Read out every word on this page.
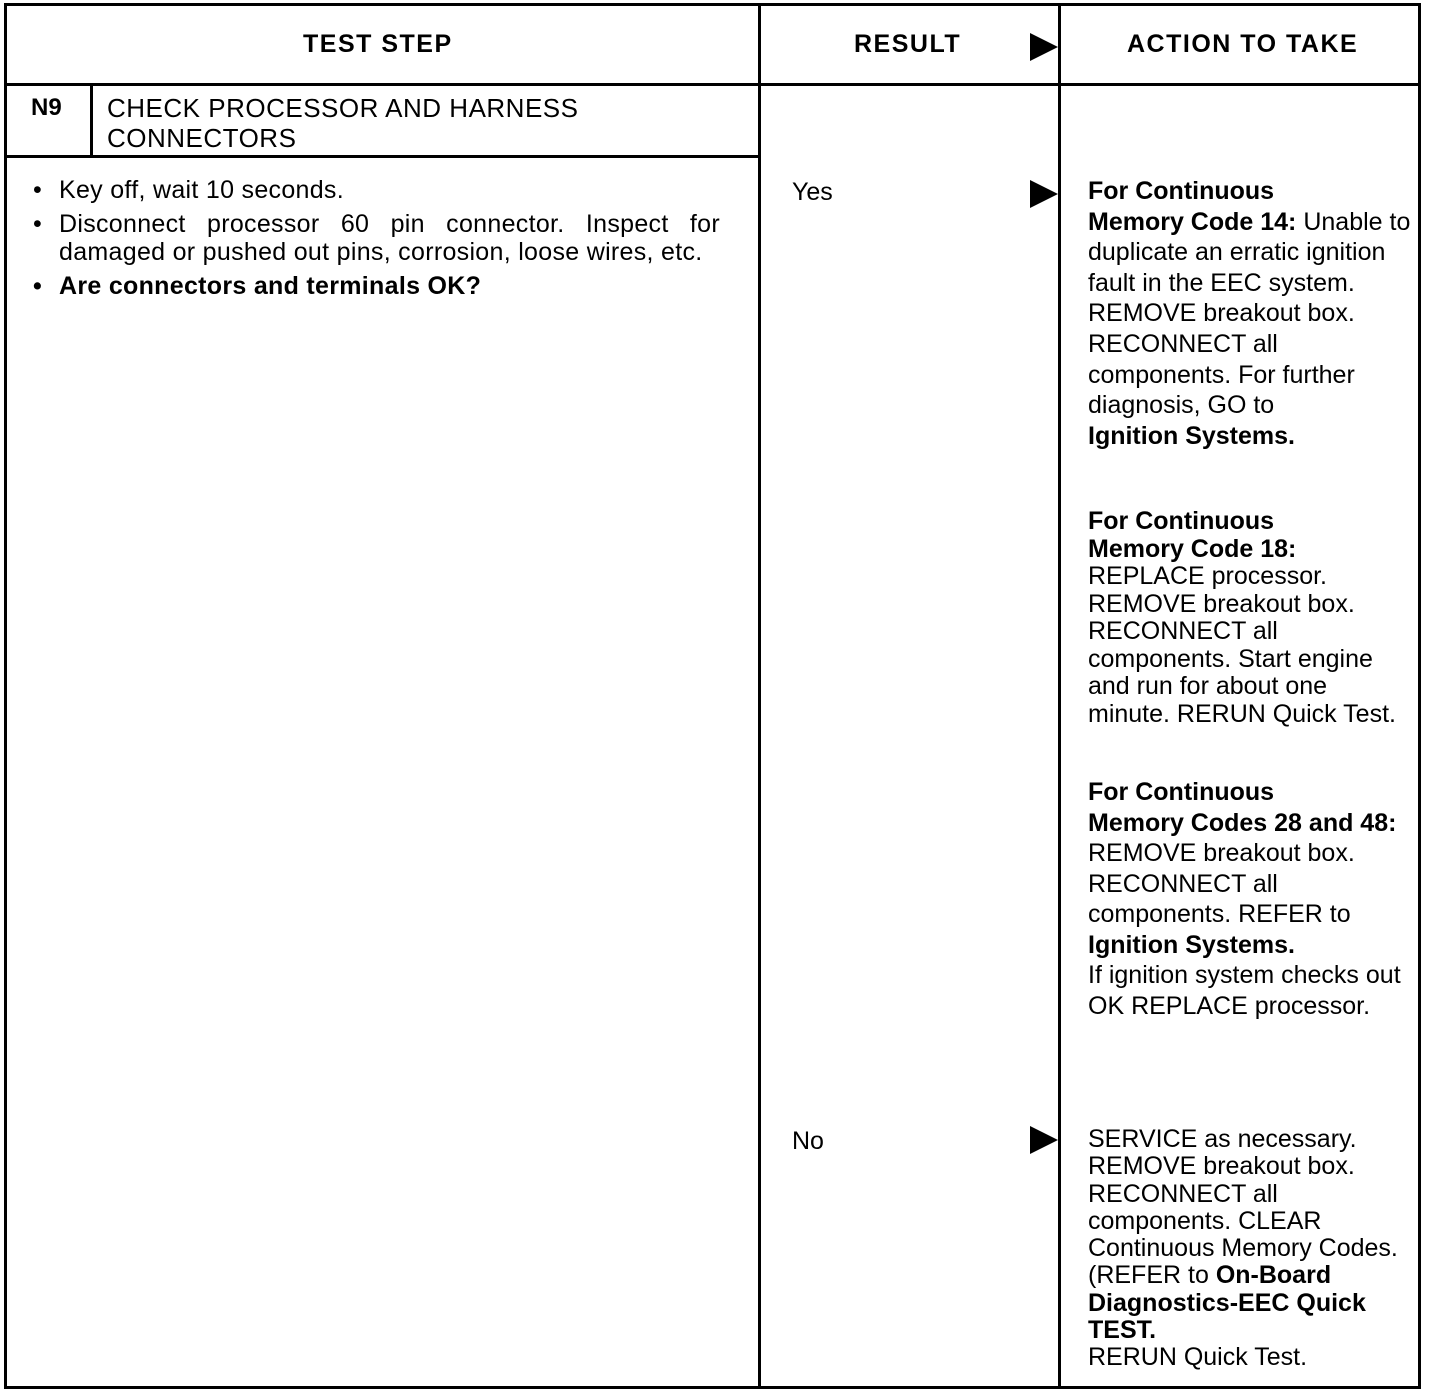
TEST STEP	RESULT	ACTION TO TAKE
N9 CHECK PROCESSOR AND HARNESS
CONNECTORS
• Key off, wait 10 seconds.
• Disconnect processor 60 pin connector. Inspect for damaged or pushed out pins, corrosion, loose wires, etc.
• Are connectors and terminals OK?
Yes
No
For Continuous
Memory Code 14: Unable to duplicate an erratic ignition fault in the EEC system. REMOVE breakout box. RECONNECT all components. For further diagnosis, GO to
Ignition Systems.
For Continuous
Memory Code 18:
REPLACE processor. REMOVE breakout box. RECONNECT all components. Start engine and run for about one minute. RERUN Quick Test.
For Continuous
Memory Codes 28 and 48: REMOVE breakout box. RECONNECT all components. REFER to Ignition Systems.
If ignition system checks out OK REPLACE processor.
SERVICE as necessary. REMOVE breakout box. RECONNECT all components. CLEAR Continuous Memory Codes. (REFER to On-Board Diagnostics-EEC Quick TEST.
RERUN Quick Test.
